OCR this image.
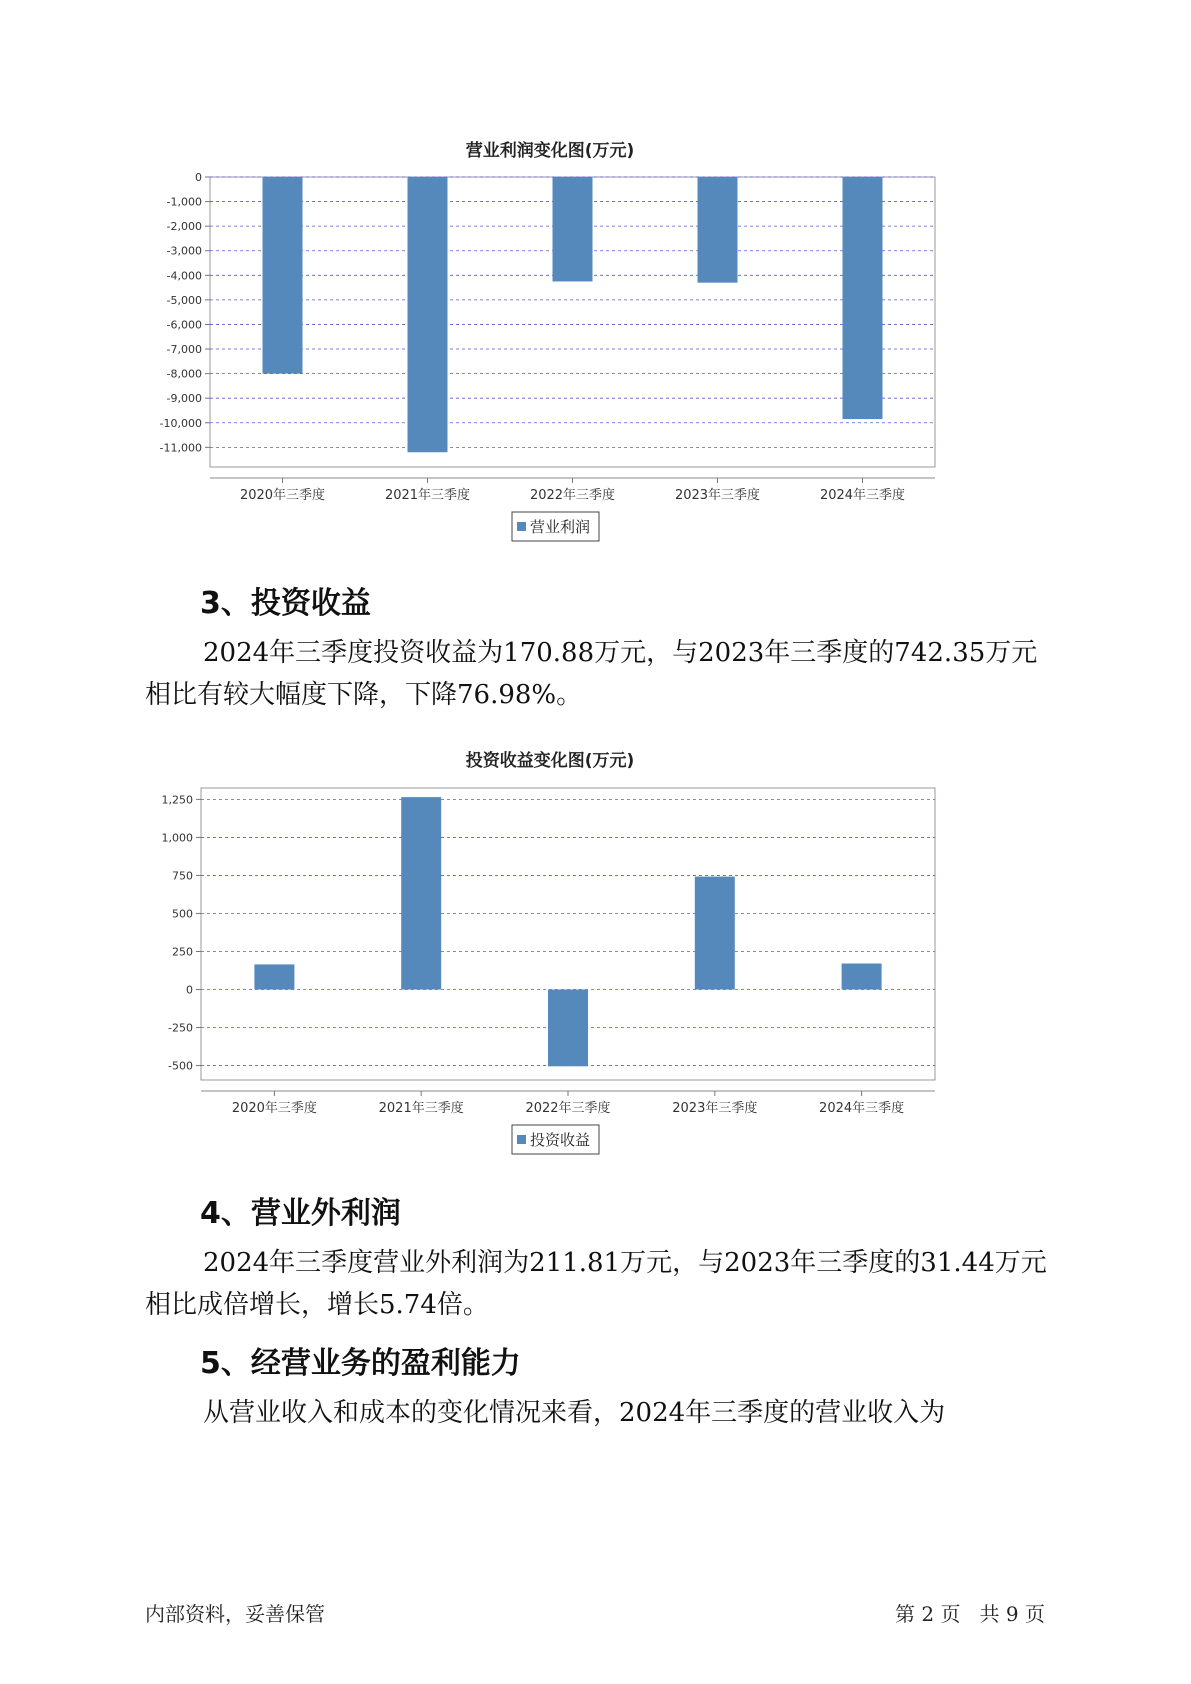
营业利润变化图(万元)
0
-1,000
-2,000
-3,000
-4,000
-5,000
-6,000
-7,000
-8,000
-9,000
-10,000
-11,000
2020年三季度	2021年三季度	2022年三季度	2023年三季度	2024年三季度
营业利润
3、投资收益

2024年三季度投资收益为170.88万元，与2023年三季度的742.35万元相比有较大幅度下降，下降76.98%。

投资收益变化图(万元)
1,250
1,000
750
500
250
0
-250
-500
2020年三季度	2021年三季度	2022年三季度	2023年三季度	2024年三季度
投资收益
4、营业外利润

2024年三季度营业外利润为211.81万元，与2023年三季度的31.44万元相比成倍增长，增长5.74倍。

5、经营业务的盈利能力

从营业收入和成本的变化情况来看，2024年三季度的营业收入为

内部资料，妥善保管	第 2 页   共 9 页
